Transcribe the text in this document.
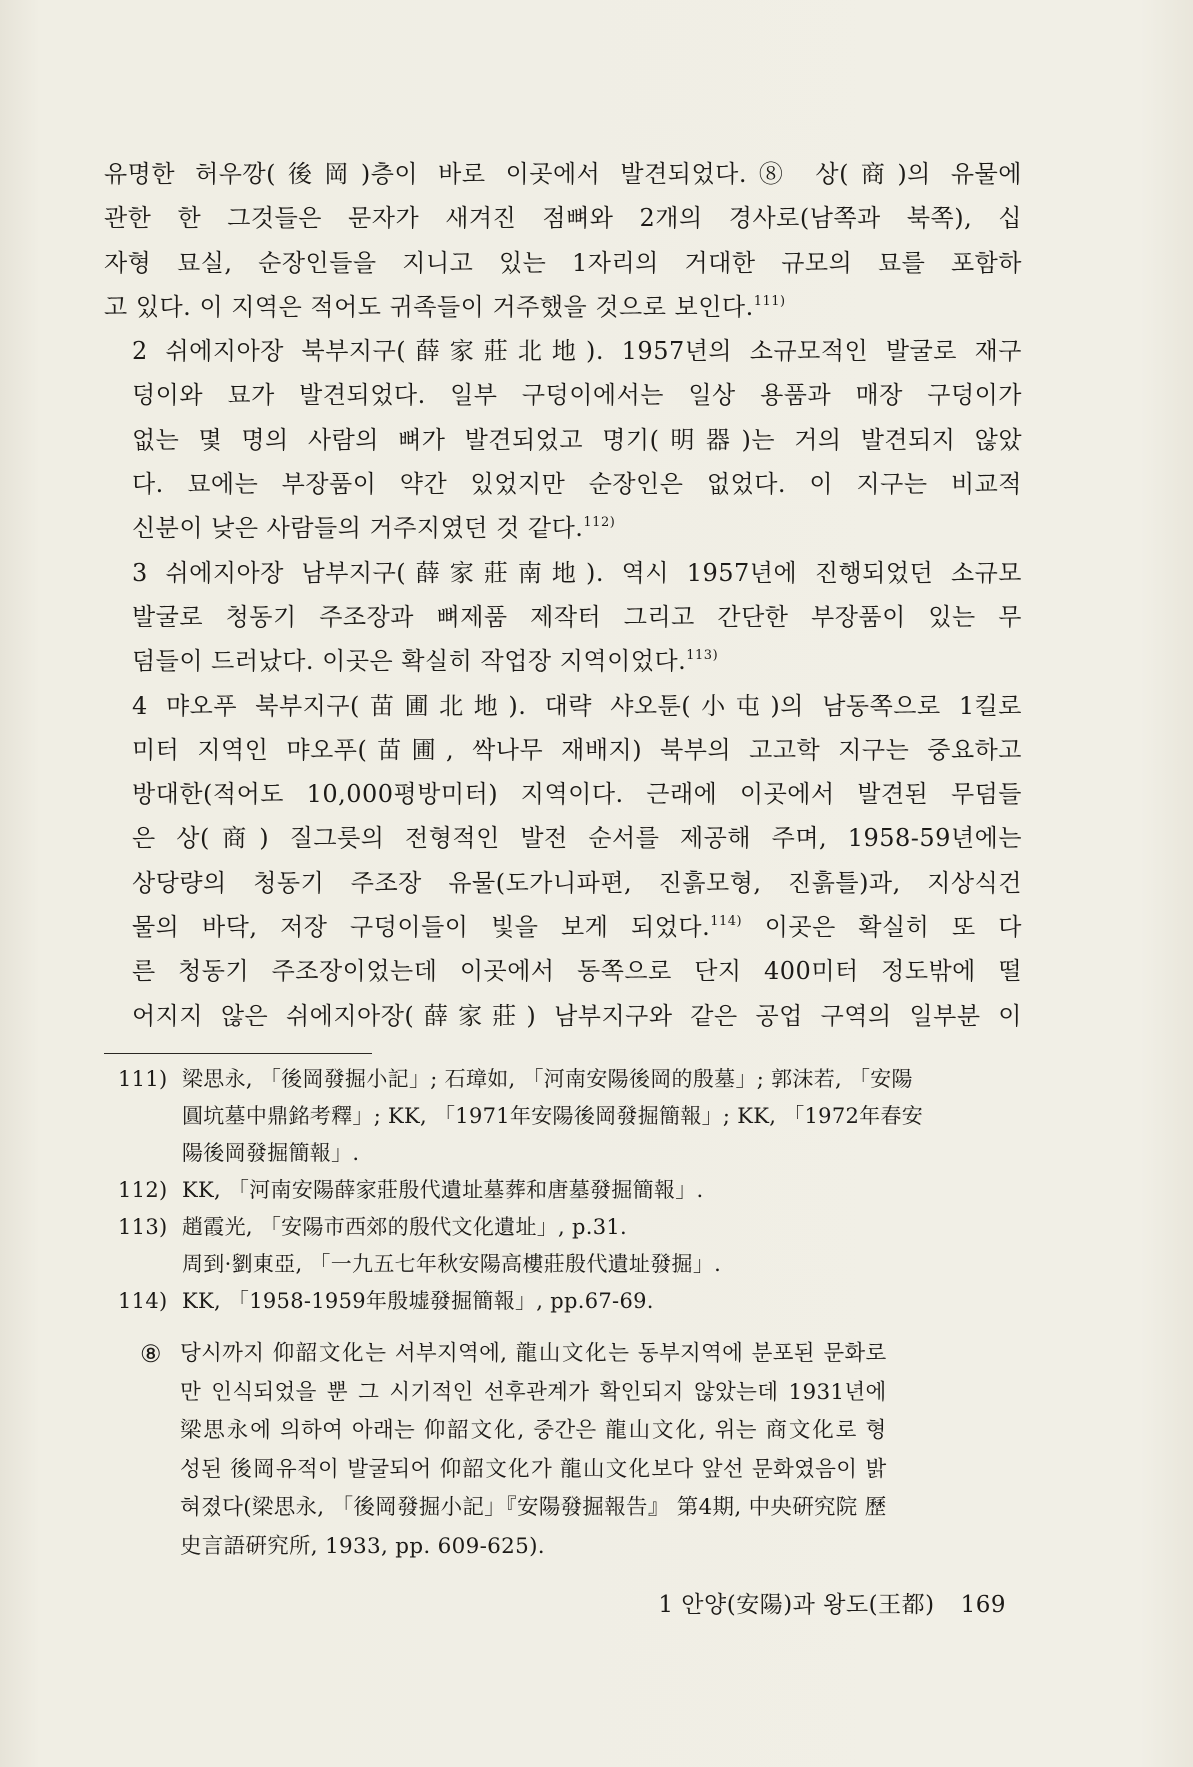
유명한 허우깡(後岡)층이 바로 이곳에서 발견되었다.⑧ 상(商)의 유물에
관한 한 그것들은 문자가 새겨진 점뼈와 2개의 경사로(남쪽과 북쪽), 십
자형 묘실, 순장인들을 지니고 있는 1자리의 거대한 규모의 묘를 포함하
고 있다. 이 지역은 적어도 귀족들이 거주했을 것으로 보인다.$^{111)}$

2 쉬에지아장 북부지구(薛家莊北地). 1957년의 소규모적인 발굴로 재구
덩이와 묘가 발견되었다. 일부 구덩이에서는 일상 용품과 매장 구덩이가
없는 몇 명의 사람의 뼈가 발견되었고 명기(明器)는 거의 발견되지 않았
다. 묘에는 부장품이 약간 있었지만 순장인은 없었다. 이 지구는 비교적
신분이 낮은 사람들의 거주지였던 것 같다.$^{112)}$

3 쉬에지아장 남부지구(薛家莊南地). 역시 1957년에 진행되었던 소규모
발굴로 청동기 주조장과 뼈제품 제작터 그리고 간단한 부장품이 있는 무
덤들이 드러났다. 이곳은 확실히 작업장 지역이었다.$^{113)}$

4 먀오푸 북부지구(苗圃北地). 대략 샤오툰(小屯)의 남동쪽으로 1킬로
미터 지역인 먀오푸(苗圃, 싹나무 재배지) 북부의 고고학 지구는 중요하고
방대한(적어도 10,000평방미터) 지역이다. 근래에 이곳에서 발견된 무덤들
은 상(商) 질그릇의 전형적인 발전 순서를 제공해 주며, 1958-59년에는
상당량의 청동기 주조장 유물(도가니파편, 진흙모형, 진흙틀)과, 지상식건
물의 바닥, 저장 구덩이들이 빛을 보게 되었다.$^{114)}$ 이곳은 확실히 또 다
른 청동기 주조장이었는데 이곳에서 동쪽으로 단지 400미터 정도밖에 떨
어지지 않은 쉬에지아장(薛家莊) 남부지구와 같은 공업 구역의 일부분 이

111) 梁思永, 「後岡發掘小記」; 石璋如, 「河南安陽後岡的殷墓」; 郭沫若, 「安陽
圓坑墓中鼎銘考釋」; KK, 「1971年安陽後岡發掘簡報」; KK, 「1972年春安
陽後岡發掘簡報」.
112) KK, 「河南安陽薛家莊殷代遺址墓葬和唐墓發掘簡報」.
113) 趙霞光, 「安陽市西郊的殷代文化遺址」, p.31.
周到·劉東亞, 「一九五七年秋安陽高樓莊殷代遺址發掘」.
114) KK, 「1958-1959年殷墟發掘簡報」, pp.67-69.
⑧ 당시까지 仰韶文化는 서부지역에, 龍山文化는 동부지역에 분포된 문화로
만 인식되었을 뿐 그 시기적인 선후관계가 확인되지 않았는데 1931년에
梁思永에 의하여 아래는 仰韶文化, 중간은 龍山文化, 위는 商文化로 형
성된 後岡유적이 발굴되어 仰韶文化가 龍山文化보다 앞선 문화였음이 밝
혀졌다(梁思永, 「後岡發掘小記」『安陽發掘報告』 第4期, 中央硏究院 歷
史言語硏究所, 1933, pp. 609-625).
1 안양(安陽)과 왕도(王都) 169
